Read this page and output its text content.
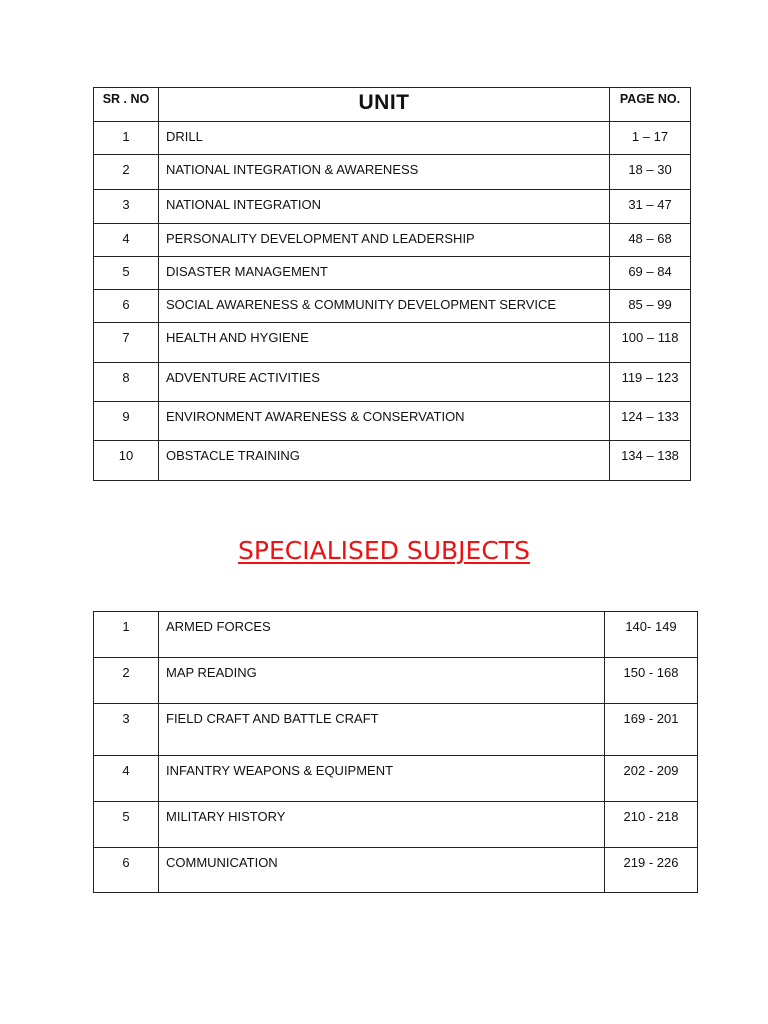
SR . NO	UNIT	PAGE NO.

1	DRILL	1 – 17

2	NATIONAL INTEGRATION & AWARENESS	18 – 30

3	NATIONAL INTEGRATION	31 – 47

4	PERSONALITY DEVELOPMENT AND LEADERSHIP	48 – 68

5	DISASTER MANAGEMENT	69 – 84

6	SOCIAL AWARENESS & COMMUNITY DEVELOPMENT SERVICE	85 – 99

7	HEALTH AND HYGIENE	100 – 118

8	ADVENTURE ACTIVITIES	119 – 123

9	ENVIRONMENT AWARENESS & CONSERVATION	124 – 133

10	OBSTACLE TRAINING	134 – 138
SPECIALISED SUBJECTS
1	ARMED FORCES	140- 149

2	MAP READING	150 - 168

3	FIELD CRAFT AND BATTLE CRAFT	169 - 201

4	INFANTRY WEAPONS & EQUIPMENT	202 - 209

5	MILITARY HISTORY	210 - 218

6	COMMUNICATION	219 - 226
